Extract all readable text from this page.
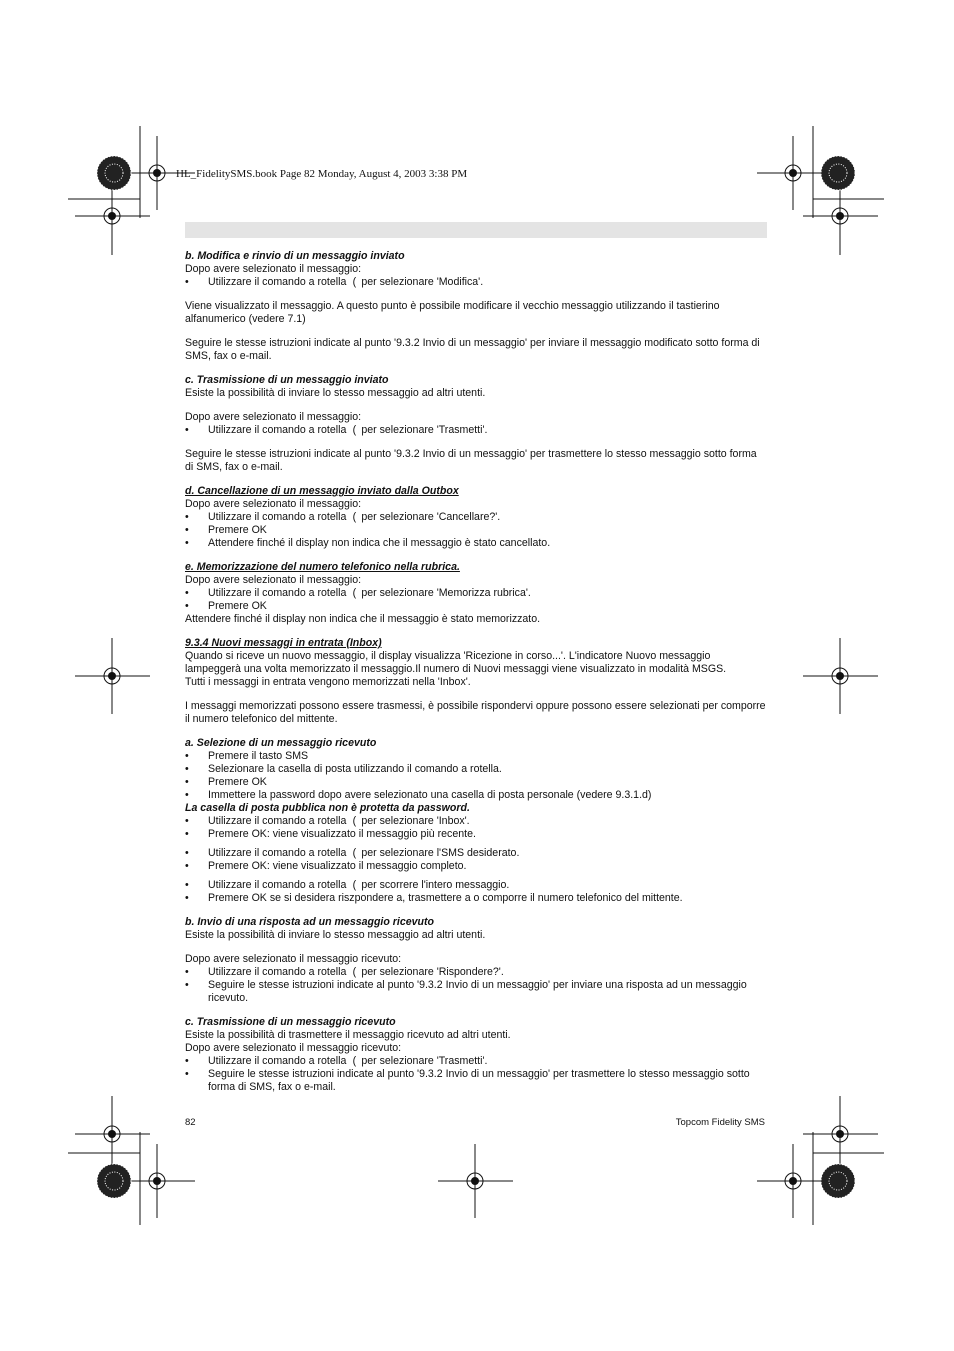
HL_FidelitySMS.book Page 82 Monday, August 4, 2003 3:38 PM

b. Modifica e rinvio di un messaggio inviato

Dopo avere selezionato il messaggio:

• Utilizzare il comando a rotella ( per selezionare 'Modifica'.

Viene visualizzato il messaggio. A questo punto è possibile modificare il vecchio messaggio utilizzando il tastierino alfanumerico (vedere 7.1)

Seguire le stesse istruzioni indicate al punto '9.3.2 Invio di un messaggio' per inviare il messaggio modificato sotto forma di SMS, fax o e-mail.

c. Trasmissione di un messaggio inviato

Esiste la possibilità di inviare lo stesso messaggio ad altri utenti.

Dopo avere selezionato il messaggio:

• Utilizzare il comando a rotella ( per selezionare 'Trasmetti'.

Seguire le stesse istruzioni indicate al punto '9.3.2 Invio di un messaggio' per trasmettere lo stesso messaggio sotto forma di SMS, fax o e-mail.

d. Cancellazione di un messaggio inviato dalla Outbox

Dopo avere selezionato il messaggio:

• Utilizzare il comando a rotella ( per selezionare 'Cancellare?'.
• Premere OK
• Attendere finché il display non indica che il messaggio è stato cancellato.

e. Memorizzazione del numero telefonico nella rubrica.

Dopo avere selezionato il messaggio:

• Utilizzare il comando a rotella ( per selezionare 'Memorizza rubrica'.
• Premere OK

Attendere finché il display non indica che il messaggio è stato memorizzato.

9.3.4 Nuovi messaggi in entrata (Inbox)

Quando si riceve un nuovo messaggio, il display visualizza 'Ricezione in corso...'. L'indicatore Nuovo messaggio lampeggerà una volta memorizzato il messaggio.Il numero di Nuovi messaggi viene visualizzato in modalità MSGS.

Tutti i messaggi in entrata vengono memorizzati nella 'Inbox'.

I messaggi memorizzati possono essere trasmessi, è possibile rispondervi oppure possono essere selezionati per comporre il numero telefonico del mittente.

a. Selezione di un messaggio ricevuto

• Premere il tasto SMS
• Selezionare la casella di posta utilizzando il comando a rotella.
• Premere OK
• Immettere la password dopo avere selezionato una casella di posta personale (vedere 9.3.1.d)

La casella di posta pubblica non è protetta da password.

• Utilizzare il comando a rotella ( per selezionare 'Inbox'.
• Premere OK: viene visualizzato il messaggio più recente.
• Utilizzare il comando a rotella ( per selezionare l'SMS desiderato.
• Premere OK: viene visualizzato il messaggio completo.
• Utilizzare il comando a rotella ( per scorrere l'intero messaggio.
• Premere OK se si desidera riszpondere a, trasmettere a o comporre il numero telefonico del mittente.

b. Invio di una risposta ad un messaggio ricevuto

Esiste la possibilità di inviare lo stesso messaggio ad altri utenti.

Dopo avere selezionato il messaggio ricevuto:

• Utilizzare il comando a rotella ( per selezionare 'Rispondere?'.
• Seguire le stesse istruzioni indicate al punto '9.3.2 Invio di un messaggio' per inviare una risposta ad un messaggio ricevuto.

c. Trasmissione di un messaggio ricevuto

Esiste la possibilità di trasmettere il messaggio ricevuto ad altri utenti.

Dopo avere selezionato il messaggio ricevuto:

• Utilizzare il comando a rotella ( per selezionare 'Trasmetti'.
• Seguire le stesse istruzioni indicate al punto '9.3.2 Invio di un messaggio' per trasmettere lo stesso messaggio sotto forma di SMS, fax o e-mail.
82	Topcom Fidelity SMS
